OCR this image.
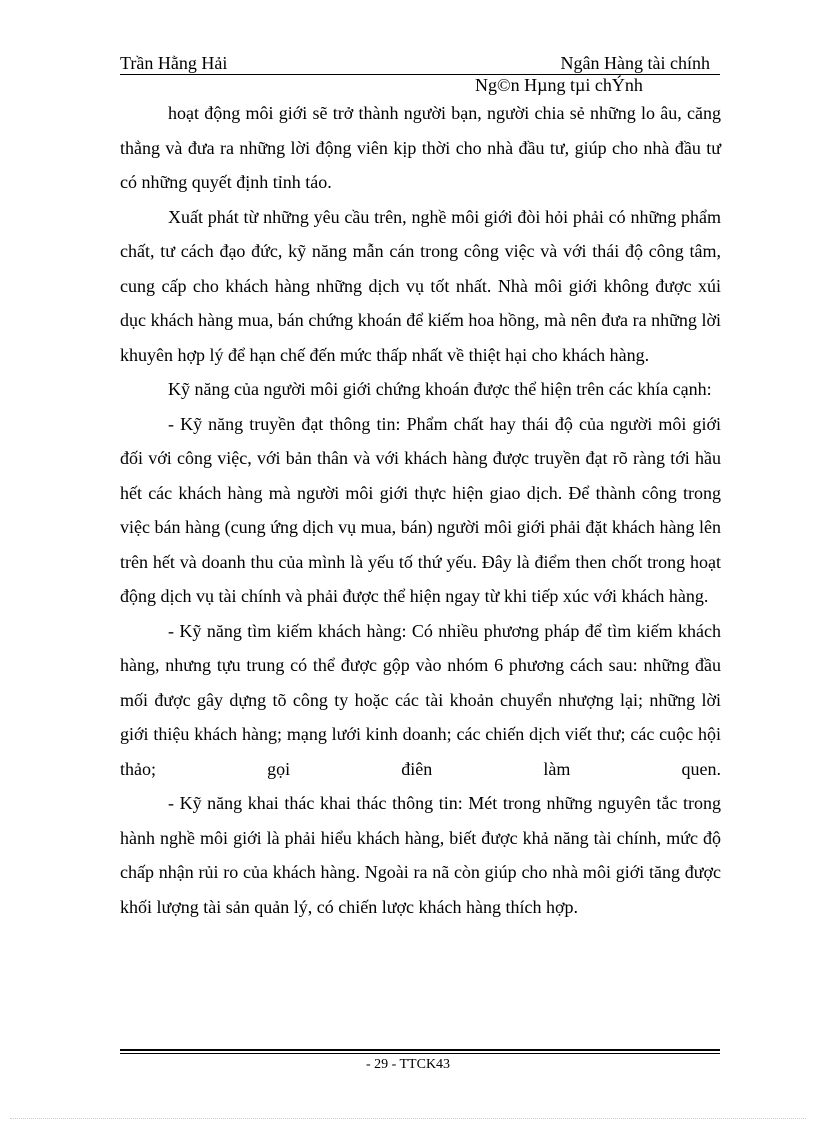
Trần Hằng Hải	Ngân Hàng tài chính
Ng©n Hµng tµi chÝnh

hoạt động môi giới sẽ trở thành người bạn, người chia sẻ những lo âu, căng thẳng và đưa ra những lời động viên kịp thời cho nhà đầu tư, giúp cho nhà đầu tư có những quyết định tỉnh táo.

Xuất phát từ những yêu cầu trên, nghề môi giới đòi hỏi phải có những phẩm chất, tư cách đạo đức, kỹ năng mẫn cán trong công việc và với thái độ công tâm, cung cấp cho khách hàng những dịch vụ tốt nhất. Nhà môi giới không được xúi dục khách hàng mua, bán chứng khoán để kiếm hoa hồng, mà nên đưa ra những lời khuyên hợp lý để hạn chế đến mức thấp nhất về thiệt hại cho khách hàng.

Kỹ năng của người môi giới chứng khoán được thể hiện trên các khía cạnh:

- Kỹ năng truyền đạt thông tin: Phẩm chất hay thái độ của người môi giới đối với công việc, với bản thân và với khách hàng được truyền đạt rõ ràng tới hầu hết các khách hàng mà người môi giới thực hiện giao dịch. Để thành công trong việc bán hàng (cung ứng dịch vụ mua, bán) người môi giới phải đặt khách hàng lên trên hết và doanh thu của mình là yếu tố thứ yếu. Đây là điểm then chốt trong hoạt động dịch vụ tài chính và phải được thể hiện ngay từ khi tiếp xúc với khách hàng.

- Kỹ năng tìm kiếm khách hàng: Có nhiều phương pháp để tìm kiếm khách hàng, nhưng tựu trung có thể được gộp vào nhóm 6 phương cách sau: những đầu mối được gây dựng tõ công ty hoặc các tài khoản chuyển nhượng lại; những lời giới thiệu khách hàng; mạng lưới kinh doanh; các chiến dịch viết thư; các cuộc hội thảo; gọi điên làm quen.

- Kỹ năng khai thác khai thác thông tin: Mét trong những nguyên tắc trong hành nghề môi giới là phải hiểu khách hàng, biết được khả năng tài chính, mức độ chấp nhận rủi ro của khách hàng. Ngoài ra nã còn giúp cho nhà môi giới tăng được khối lượng tài sản quản lý, có chiến lược khách hàng thích hợp.

- 29 - TTCK43
